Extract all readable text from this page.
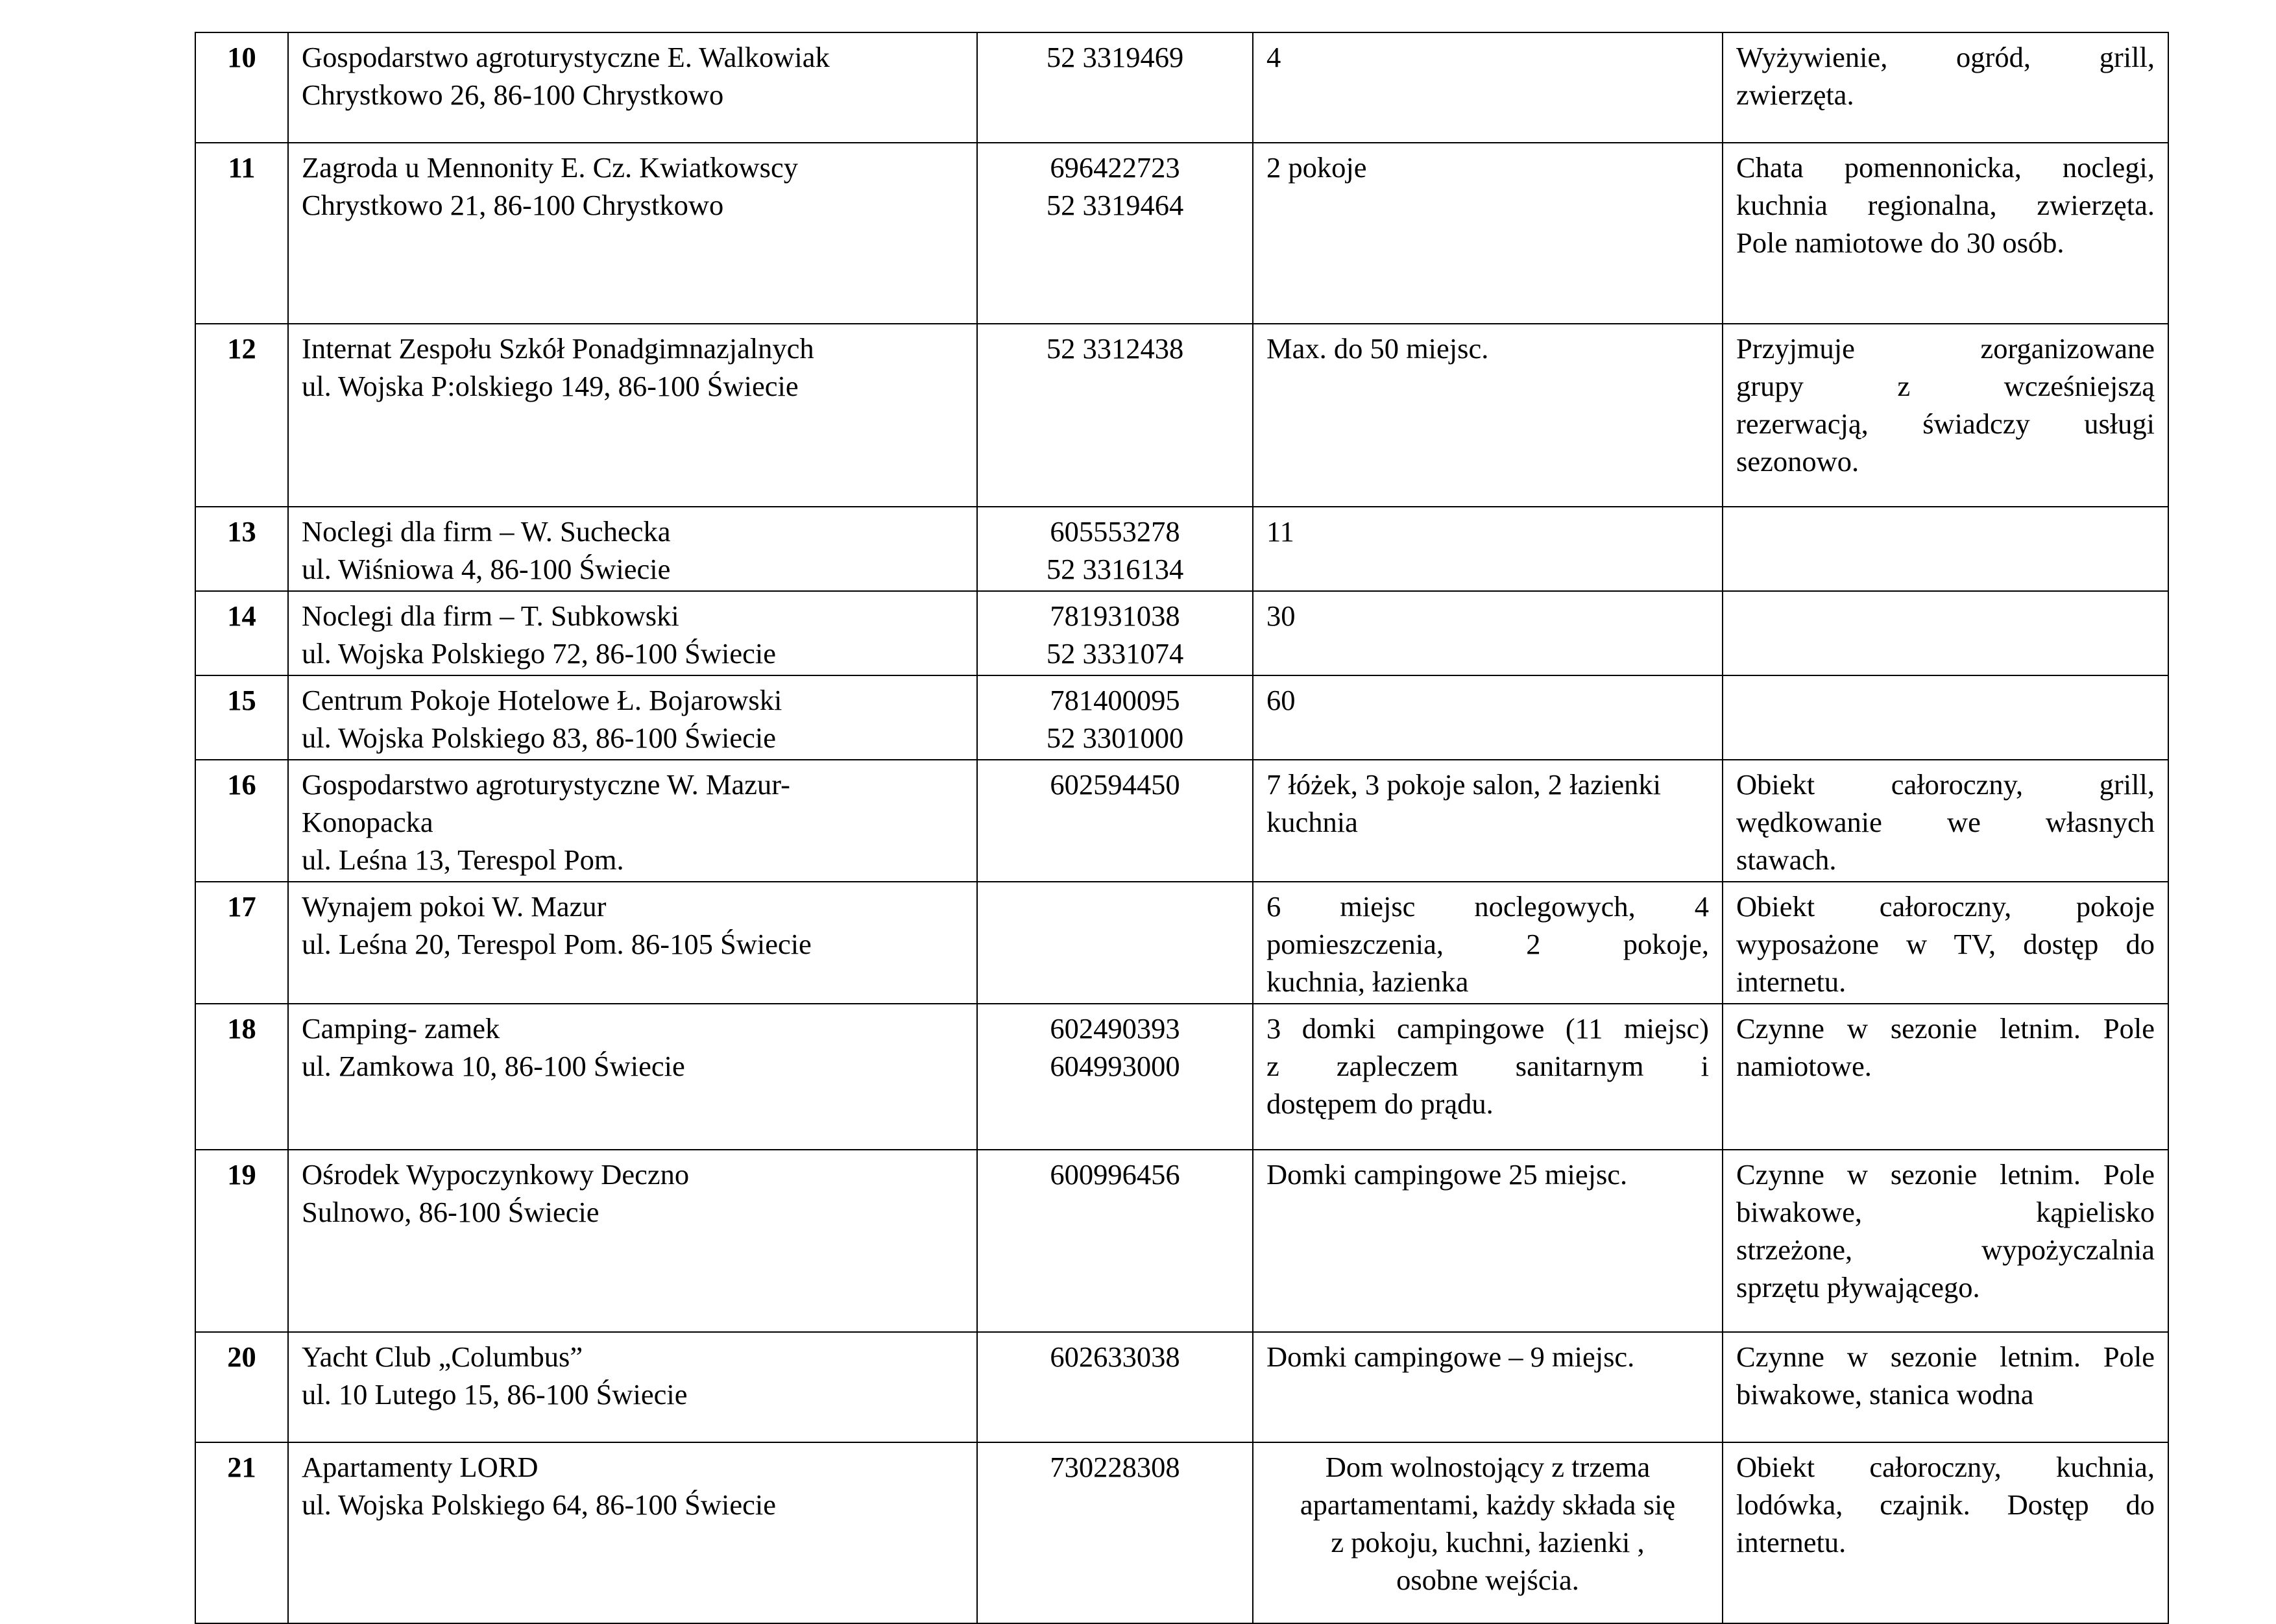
10	Gospodarstwo agroturystyczne E. Walkowiak
Chrystkowo 26, 86-100 Chrystkowo	52 3319469	4	Wyżywienie, ogród, grill,
zwierzęta.

11	Zagroda u Mennonity E. Cz. Kwiatkowscy
Chrystkowo 21, 86-100 Chrystkowo	696422723
52 3319464	2 pokoje	Chata pomennonicka, noclegi,
kuchnia regionalna, zwierzęta.
Pole namiotowe do 30 osób.

12	Internat Zespołu Szkół Ponadgimnazjalnych
ul. Wojska P:olskiego 149, 86-100 Świecie	52 3312438	Max. do 50 miejsc.	Przyjmuje zorganizowane
grupy z wcześniejszą
rezerwacją, świadczy usługi
sezonowo.

13	Noclegi dla firm – W. Suchecka
ul. Wiśniowa 4, 86-100 Świecie	605553278
52 3316134	11	

14	Noclegi dla firm – T. Subkowski
ul. Wojska Polskiego 72, 86-100 Świecie	781931038
52 3331074	30	

15	Centrum Pokoje Hotelowe Ł. Bojarowski
ul. Wojska Polskiego 83, 86-100 Świecie	781400095
52 3301000	60	

16	Gospodarstwo agroturystyczne W. Mazur-
Konopacka
ul. Leśna 13, Terespol Pom.	602594450	7 łóżek, 3 pokoje salon, 2 łazienki
kuchnia	Obiekt całoroczny, grill,
wędkowanie we własnych
stawach.

17	Wynajem pokoi W. Mazur
ul. Leśna 20, Terespol Pom. 86-105 Świecie		6 miejsc noclegowych, 4
pomieszczenia, 2 pokoje,
kuchnia, łazienka	Obiekt całoroczny, pokoje
wyposażone w TV, dostęp do
internetu.

18	Camping- zamek
ul. Zamkowa 10, 86-100 Świecie	602490393
604993000	3 domki campingowe (11 miejsc)
z zapleczem sanitarnym i
dostępem do prądu.	Czynne w sezonie letnim. Pole
namiotowe.

19	Ośrodek Wypoczynkowy Deczno
Sulnowo, 86-100 Świecie	600996456	Domki campingowe 25 miejsc.	Czynne w sezonie letnim. Pole
biwakowe, kąpielisko
strzeżone, wypożyczalnia
sprzętu pływającego.

20	Yacht Club „Columbus”
ul. 10 Lutego 15, 86-100 Świecie	602633038	Domki campingowe – 9 miejsc.	Czynne w sezonie letnim. Pole
biwakowe, stanica wodna

21	Apartamenty LORD
ul. Wojska Polskiego 64, 86-100 Świecie	730228308	Dom wolnostojący z trzema
apartamentami, każdy składa się
z pokoju, kuchni, łazienki ,
osobne wejścia.	Obiekt całoroczny, kuchnia,
lodówka, czajnik. Dostęp do
internetu.
